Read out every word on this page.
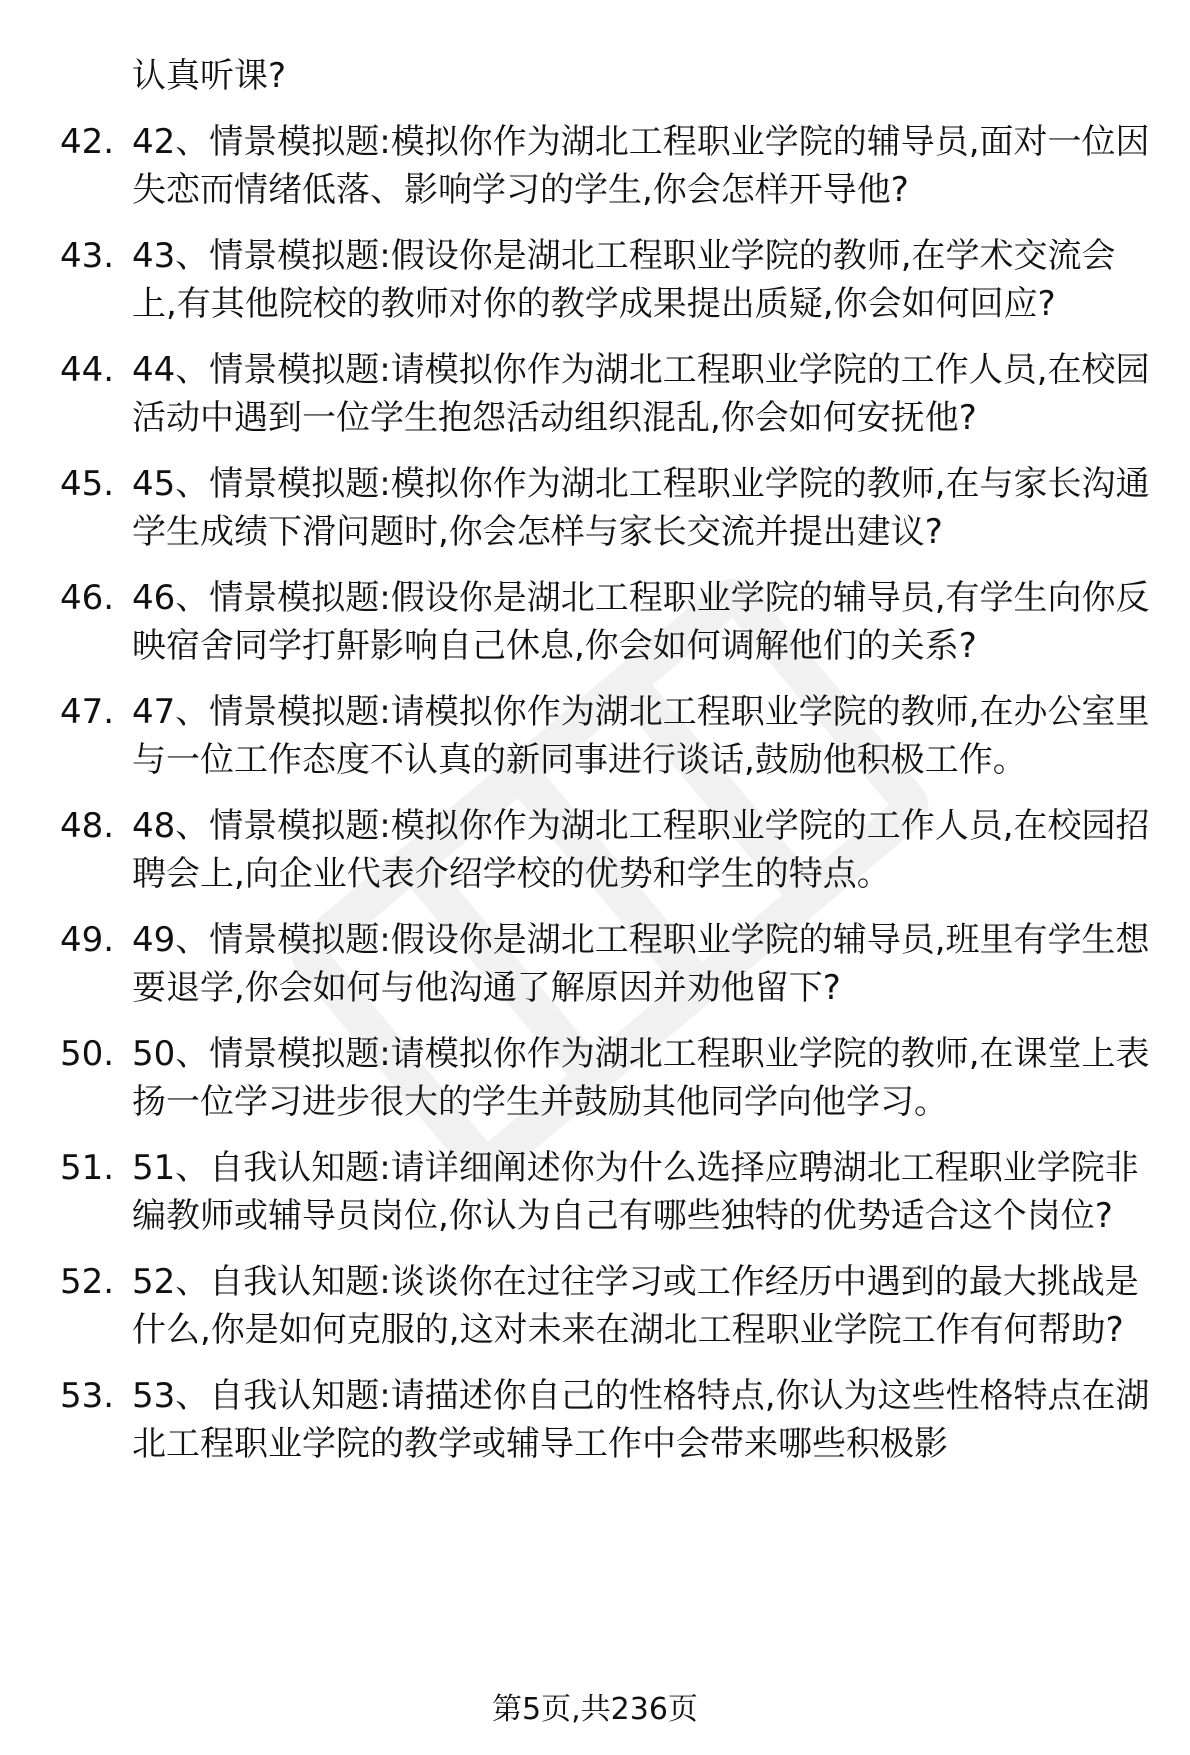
认真听课?
42. 42、情景模拟题:模拟你作为湖北工程职业学院的辅导员,面对一位因失恋而情绪低落、影响学习的学生,你会怎样开导他?
43. 43、情景模拟题:假设你是湖北工程职业学院的教师,在学术交流会上,有其他院校的教师对你的教学成果提出质疑,你会如何回应?
44. 44、情景模拟题:请模拟你作为湖北工程职业学院的工作人员,在校园活动中遇到一位学生抱怨活动组织混乱,你会如何安抚他?
45. 45、情景模拟题:模拟你作为湖北工程职业学院的教师,在与家长沟通学生成绩下滑问题时,你会怎样与家长交流并提出建议?
46. 46、情景模拟题:假设你是湖北工程职业学院的辅导员,有学生向你反映宿舍同学打鼾影响自己休息,你会如何调解他们的关系?
47. 47、情景模拟题:请模拟你作为湖北工程职业学院的教师,在办公室里与一位工作态度不认真的新同事进行谈话,鼓励他积极工作。
48. 48、情景模拟题:模拟你作为湖北工程职业学院的工作人员,在校园招聘会上,向企业代表介绍学校的优势和学生的特点。
49. 49、情景模拟题:假设你是湖北工程职业学院的辅导员,班里有学生想要退学,你会如何与他沟通了解原因并劝他留下?
50. 50、情景模拟题:请模拟你作为湖北工程职业学院的教师,在课堂上表扬一位学习进步很大的学生并鼓励其他同学向他学习。
51. 51、自我认知题:请详细阐述你为什么选择应聘湖北工程职业学院非编教师或辅导员岗位,你认为自己有哪些独特的优势适合这个岗位?
52. 52、自我认知题:谈谈你在过往学习或工作经历中遇到的最大挑战是什么,你是如何克服的,这对未来在湖北工程职业学院工作有何帮助?
53. 53、自我认知题:请描述你自己的性格特点,你认为这些性格特点在湖北工程职业学院的教学或辅导工作中会带来哪些积极影
第5页,共236页
